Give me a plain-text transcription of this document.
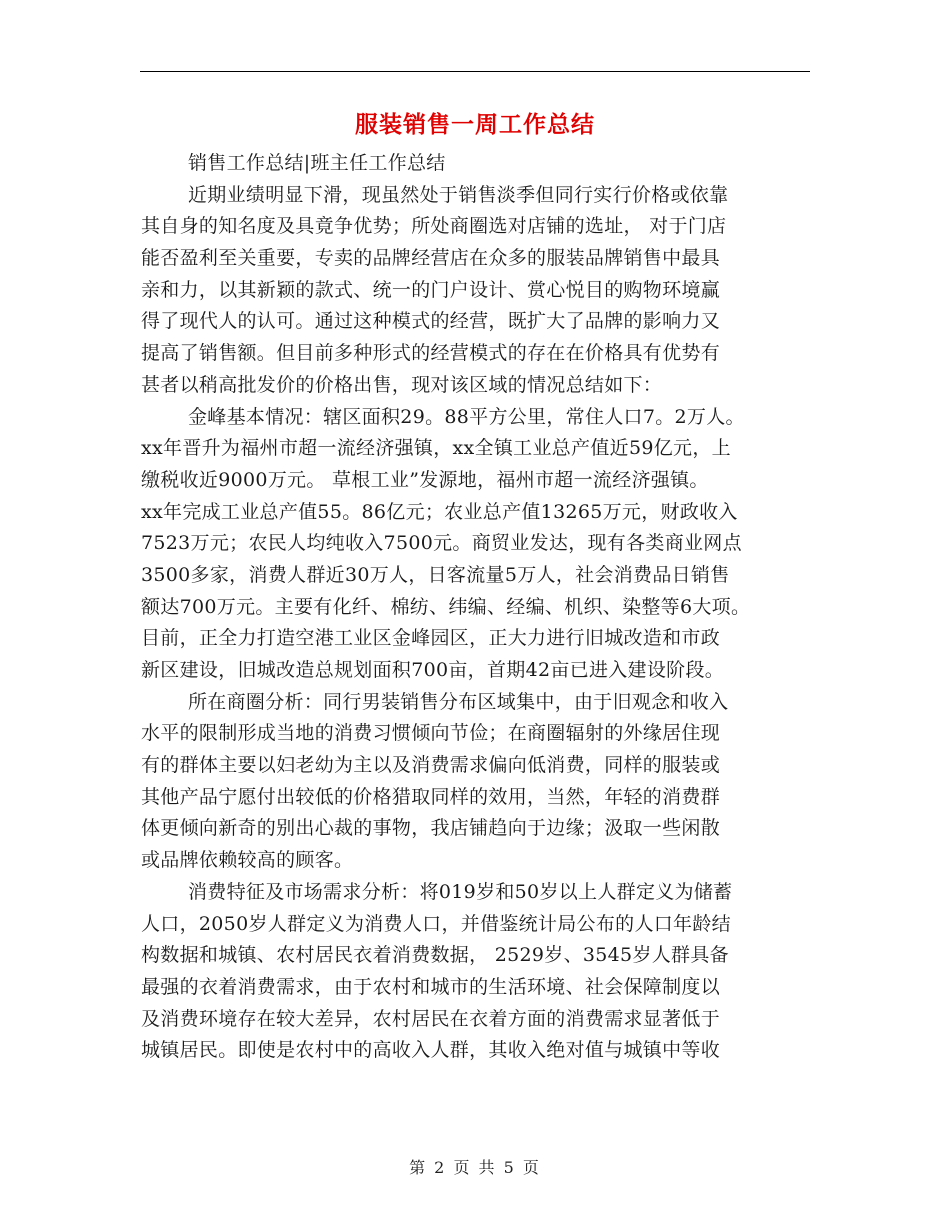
服装销售一周工作总结
销售工作总结|班主任工作总结
近期业绩明显下滑，现虽然处于销售淡季但同行实行价格或依靠
其自身的知名度及具竟争优势；所处商圈选对店铺的选址， 对于门店
能否盈利至关重要，专卖的品牌经营店在众多的服装品牌销售中最具
亲和力，以其新颖的款式、统一的门户设计、赏心悦目的购物环境赢
得了现代人的认可。通过这种模式的经营，既扩大了品牌的影响力又
提高了销售额。但目前多种形式的经营模式的存在在价格具有优势有
甚者以稍高批发价的价格出售，现对该区域的情况总结如下：
金峰基本情况：辖区面积29。88平方公里，常住人口7。2万人。
xx年晋升为福州市超一流经济强镇，xx全镇工业总产值近59亿元，上
缴税收近9000万元。 草根工业”发源地，福州市超一流经济强镇。
xx年完成工业总产值55。86亿元；农业总产值13265万元，财政收入
7523万元；农民人均纯收入7500元。商贸业发达，现有各类商业网点
3500多家，消费人群近30万人，日客流量5万人，社会消费品日销售
额达700万元。主要有化纤、棉纺、纬编、经编、机织、染整等6大项。
目前，正全力打造空港工业区金峰园区，正大力进行旧城改造和市政
新区建设，旧城改造总规划面积700亩，首期42亩已进入建设阶段。
所在商圈分析：同行男装销售分布区域集中，由于旧观念和收入
水平的限制形成当地的消费习惯倾向节俭；在商圈辐射的外缘居住现
有的群体主要以妇老幼为主以及消费需求偏向低消费，同样的服装或
其他产品宁愿付出较低的价格猎取同样的效用，当然，年轻的消费群
体更倾向新奇的别出心裁的事物，我店铺趋向于边缘；汲取一些闲散
或品牌依赖较高的顾客。
消费特征及市场需求分析：将019岁和50岁以上人群定义为储蓄
人口，2050岁人群定义为消费人口，并借鉴统计局公布的人口年龄结
构数据和城镇、农村居民衣着消费数据， 2529岁、3545岁人群具备
最强的衣着消费需求，由于农村和城市的生活环境、社会保障制度以
及消费环境存在较大差异，农村居民在衣着方面的消费需求显著低于
城镇居民。即使是农村中的高收入人群，其收入绝对值与城镇中等收
第 2 页 共 5 页
